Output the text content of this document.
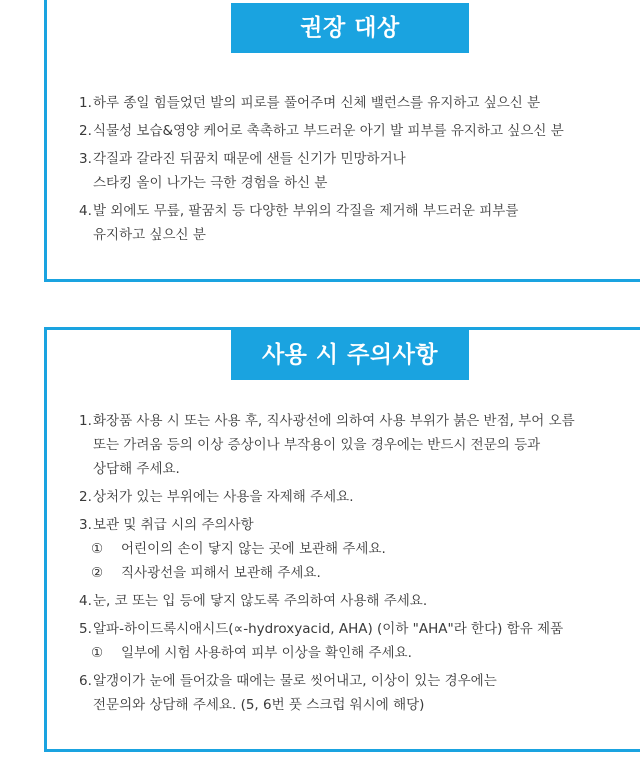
권장 대상
1. 하루 종일 힘들었던 발의 피로를 풀어주며 신체 밸런스를 유지하고 싶으신 분
2. 식물성 보습&영양 케어로 촉촉하고 부드러운 아기 발 피부를 유지하고 싶으신 분
3. 각질과 갈라진 뒤꿈치 때문에 샌들 신기가 민망하거나
스타킹 올이 나가는 극한 경험을 하신 분
4. 발 외에도 무릎, 팔꿈치 등 다양한 부위의 각질을 제거해 부드러운 피부를
유지하고 싶으신 분
사용 시 주의사항
1. 화장품 사용 시 또는 사용 후, 직사광선에 의하여 사용 부위가 붉은 반점, 부어 오름
또는 가려움 등의 이상 증상이나 부작용이 있을 경우에는 반드시 전문의 등과
상담해 주세요.
2. 상처가 있는 부위에는 사용을 자제해 주세요.
3. 보관 및 취급 시의 주의사항
①	어린이의 손이 닿지 않는 곳에 보관해 주세요.
②	직사광선을 피해서 보관해 주세요.
4. 눈, 코 또는 입 등에 닿지 않도록 주의하여 사용해 주세요.
5. 알파-하이드록시애시드(∝-hydroxyacid, AHA) (이하 "AHA"라 한다) 함유 제품
①	일부에 시험 사용하여 피부 이상을 확인해 주세요.
6. 알갱이가 눈에 들어갔을 때에는 물로 씻어내고, 이상이 있는 경우에는
전문의와 상담해 주세요. (5, 6번 풋 스크럽 워시에 해당)
